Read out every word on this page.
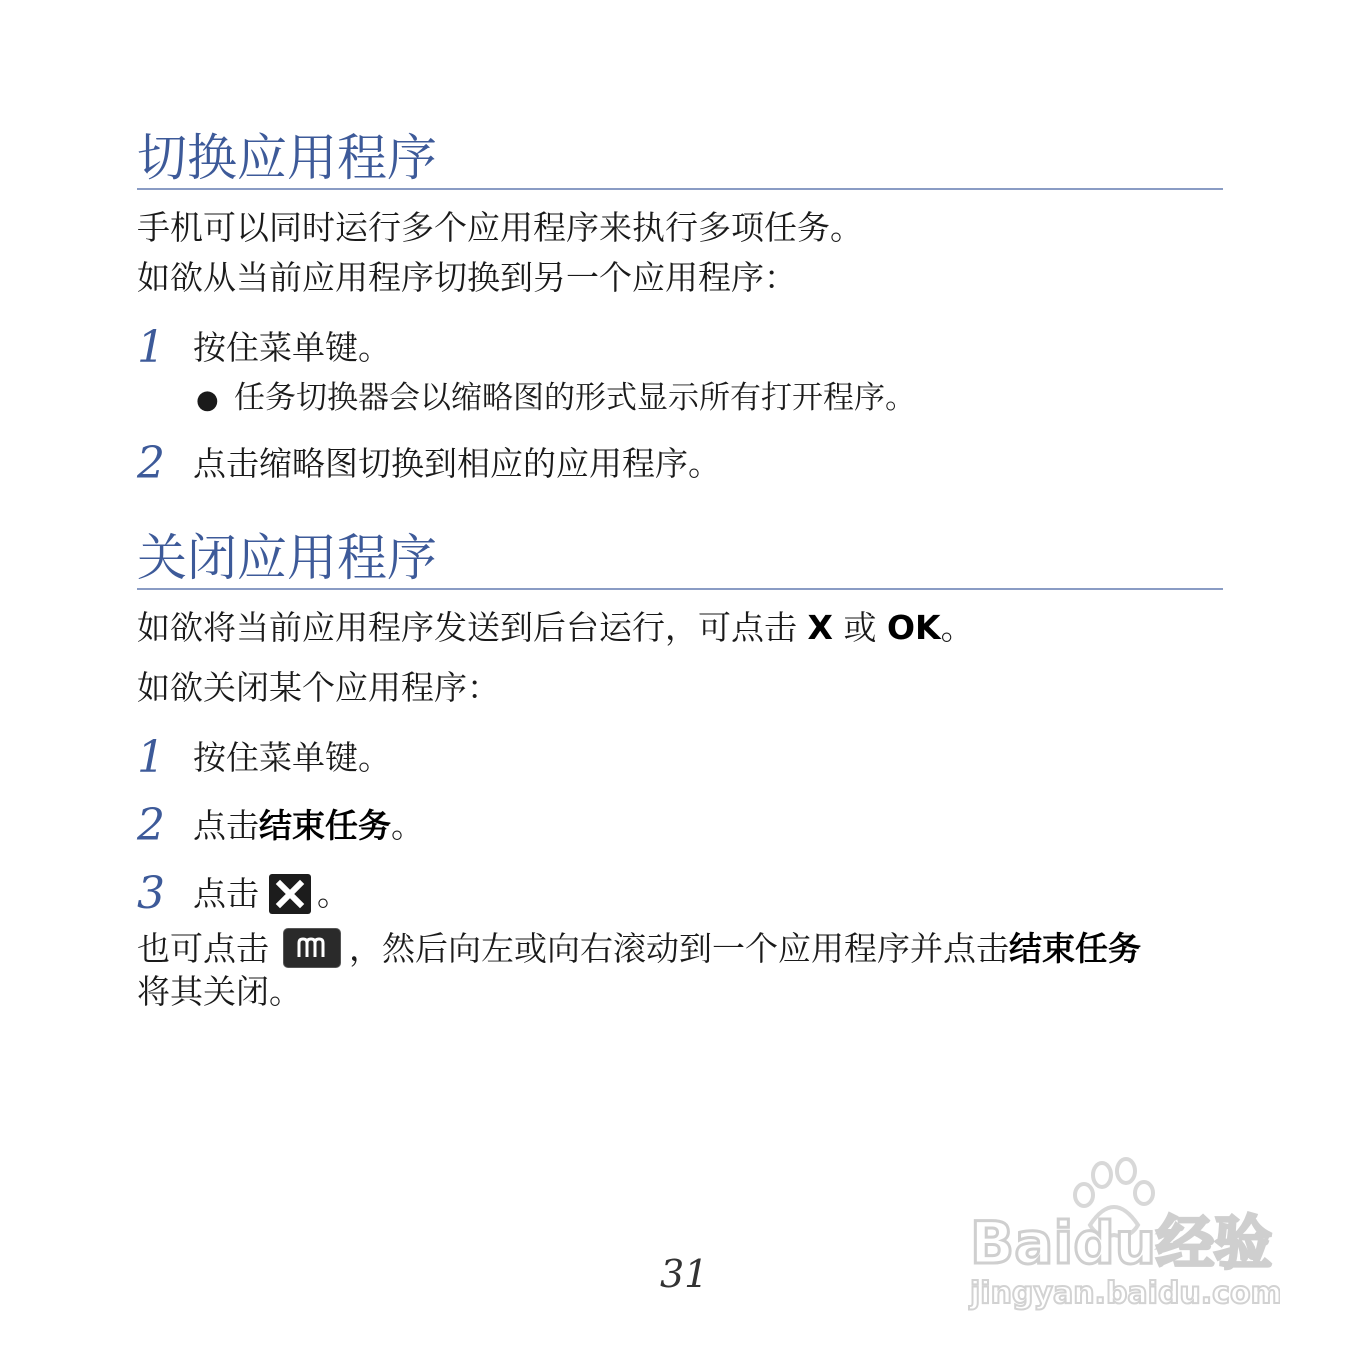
切换应用程序
手机可以同时运行多个应用程序来执行多项任务。
如欲从当前应用程序切换到另一个应用程序：
1 按住菜单键。
● 任务切换器会以缩略图的形式显示所有打开程序。
2 点击缩略图切换到相应的应用程序。
关闭应用程序
如欲将当前应用程序发送到后台运行，可点击 X 或 OK。
如欲关闭某个应用程序：
1 按住菜单键。
2 点击结束任务。
3 点击 。
也可点击 ，然后向左或向右滚动到一个应用程序并点击结束任务
将其关闭。
31	Baidu经验
jingyan.baidu.com
